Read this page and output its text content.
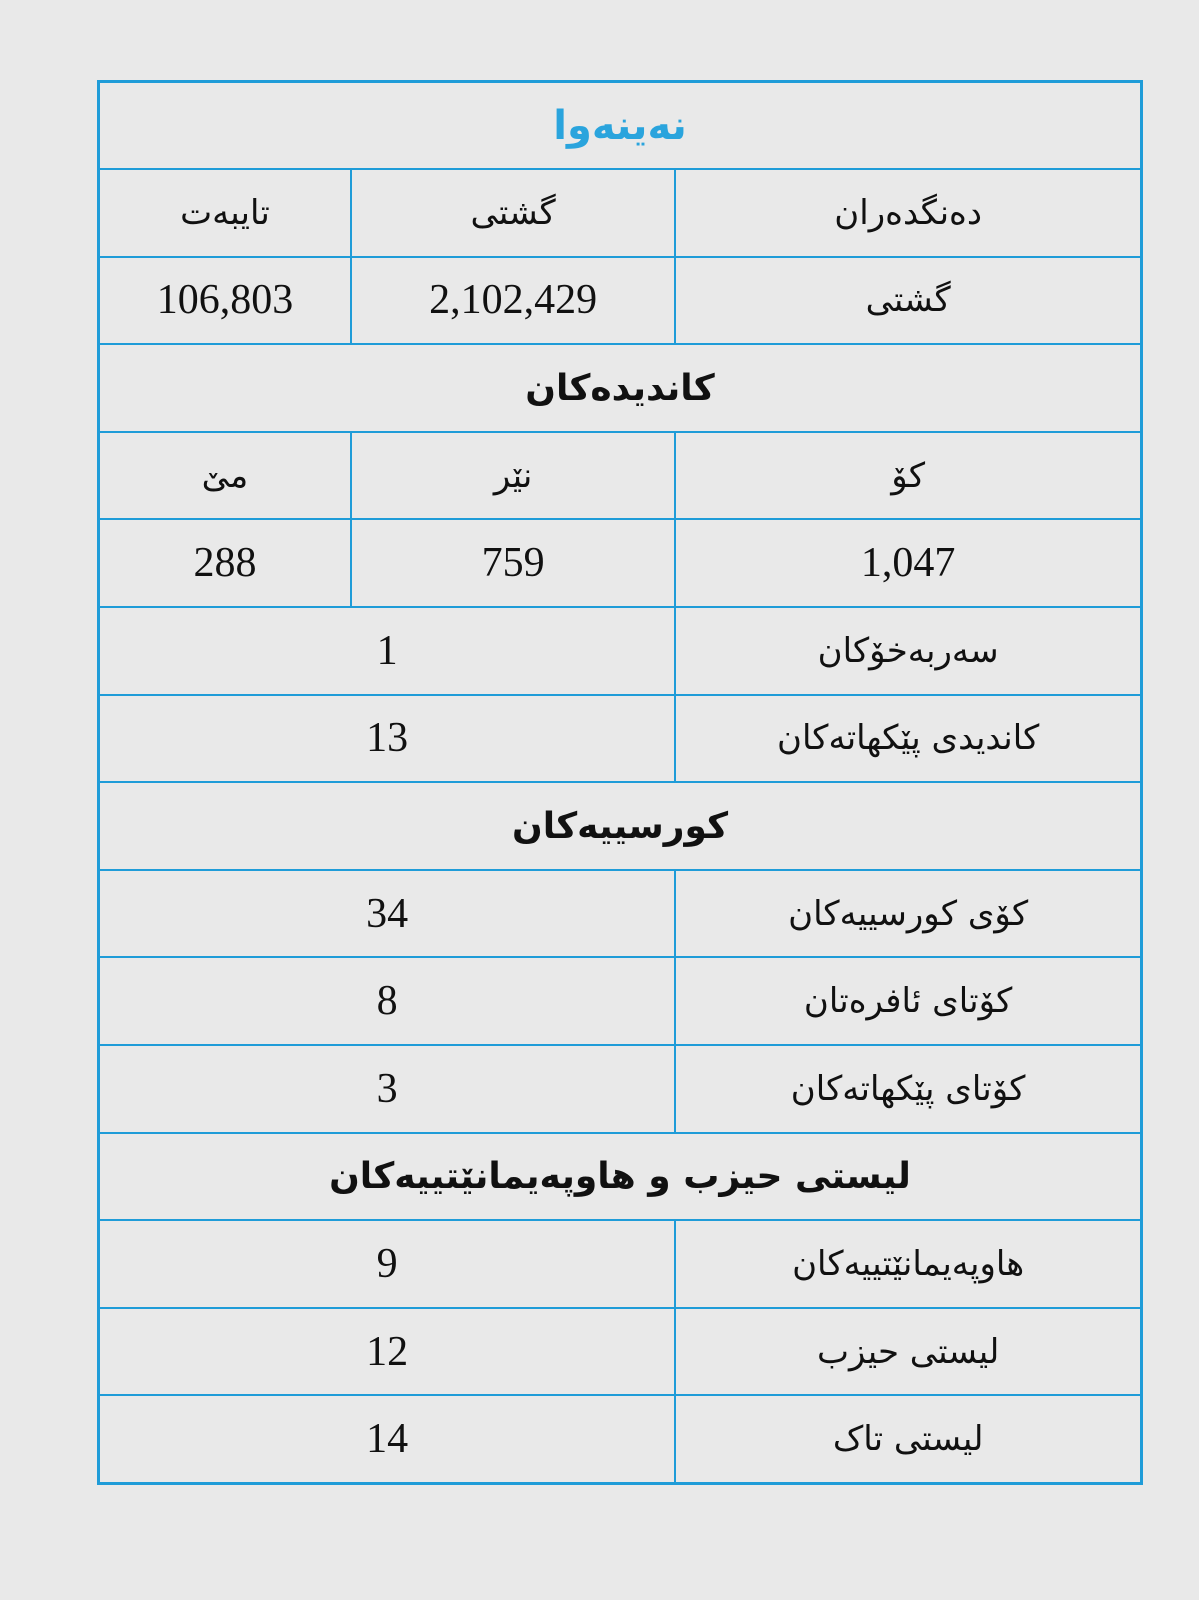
نەینەوا		
دەنگدەران	گشتی	تایبەت
گشتی	2,102,429	106,803
کاندیدەکان		
کۆ	نێر	مێ
1,047	759	288
سەربەخۆکان	1	
کاندیدی پێکهاتەکان	13	
کورسییەکان		
کۆی کورسییەکان	34	
کۆتای ئافرەتان	8	
کۆتای پێکهاتەکان	3	
لیستی حیزب و هاوپەیمانێتییەکان		
هاوپەیمانێتییەکان	9	
لیستی حیزب	12	
لیستی تاک	14	
